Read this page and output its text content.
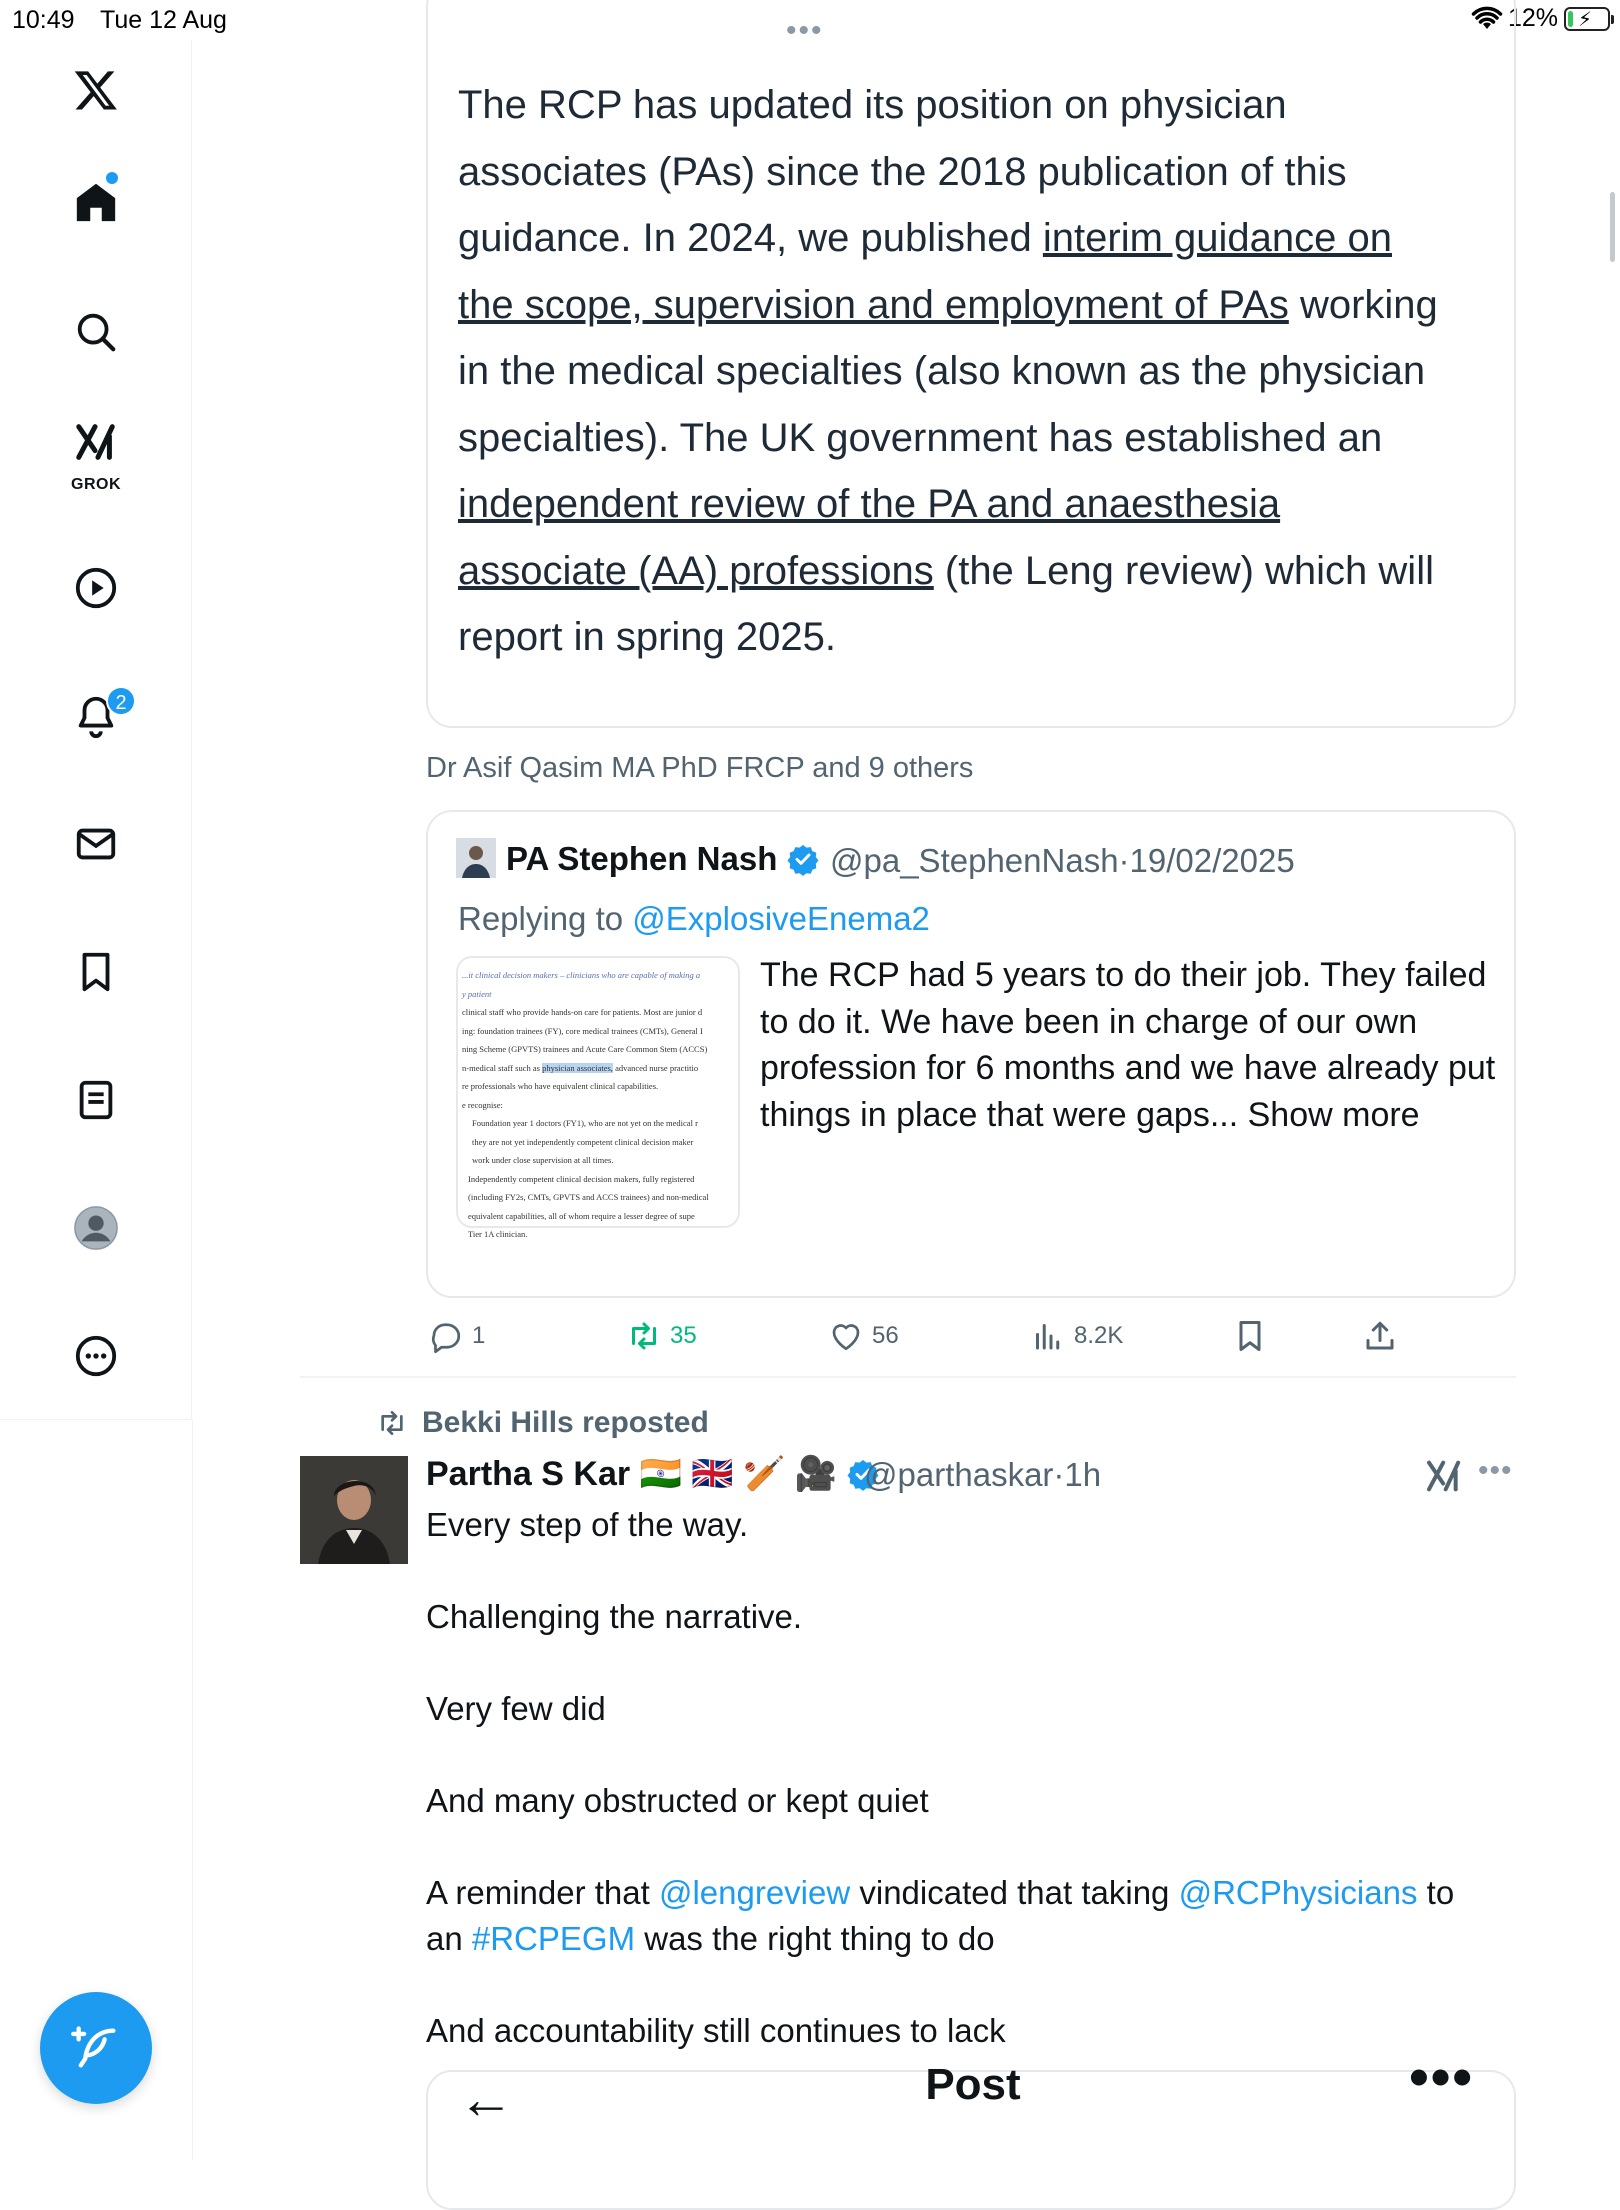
10:49 Tue 12 Aug	12% ⚡
GROK
2
•••
The RCP has updated its position on physician
associates (PAs) since the 2018 publication of this
guidance. In 2024, we published interim guidance on
the scope, supervision and employment of PAs working
in the medical specialties (also known as the physician
specialties). The UK government has established an
independent review of the PA and anaesthesia
associate (AA) professions (the Leng review) which will
report in spring 2025.
Dr Asif Qasim MA PhD FRCP and 9 others
PA Stephen Nash	@pa_StephenNash·19/02/2025
Replying to @ExplosiveEnema2
...it clinical decision makers – clinicians who are capable of making a
y patient
clinical staff who provide hands-on care for patients. Most are junior d
ing: foundation trainees (FY), core medical trainees (CMTs), General I
ning Scheme (GPVTS) trainees and Acute Care Common Stem (ACCS)
n-medical staff such as physician associates, advanced nurse practitio
re professionals who have equivalent clinical capabilities.
e recognise:
Foundation year 1 doctors (FY1), who are not yet on the medical r
they are not yet independently competent clinical decision maker
work under close supervision at all times.
Independently competent clinical decision makers, fully registered
(including FY2s, CMTs, GPVTS and ACCS trainees) and non-medical
equivalent capabilities, all of whom require a lesser degree of supe
Tier 1A clinician.
The RCP had 5 years to do their job. They failed to do it. We have been in charge of our own profession for 6 months and we have already put things in place that were gaps... Show more
1	35	56	8.2K
Bekki Hills reposted
Partha S Kar 🇮🇳 🇬🇧 🏏 🎥 @parthaskar·1h	•••
Every step of the way.
Challenging the narrative.
Very few did
And many obstructed or kept quiet
A reminder that @lengreview vindicated that taking @RCPhysicians to
an #RCPEGM was the right thing to do
And accountability still continues to lack
←	Post	•••
